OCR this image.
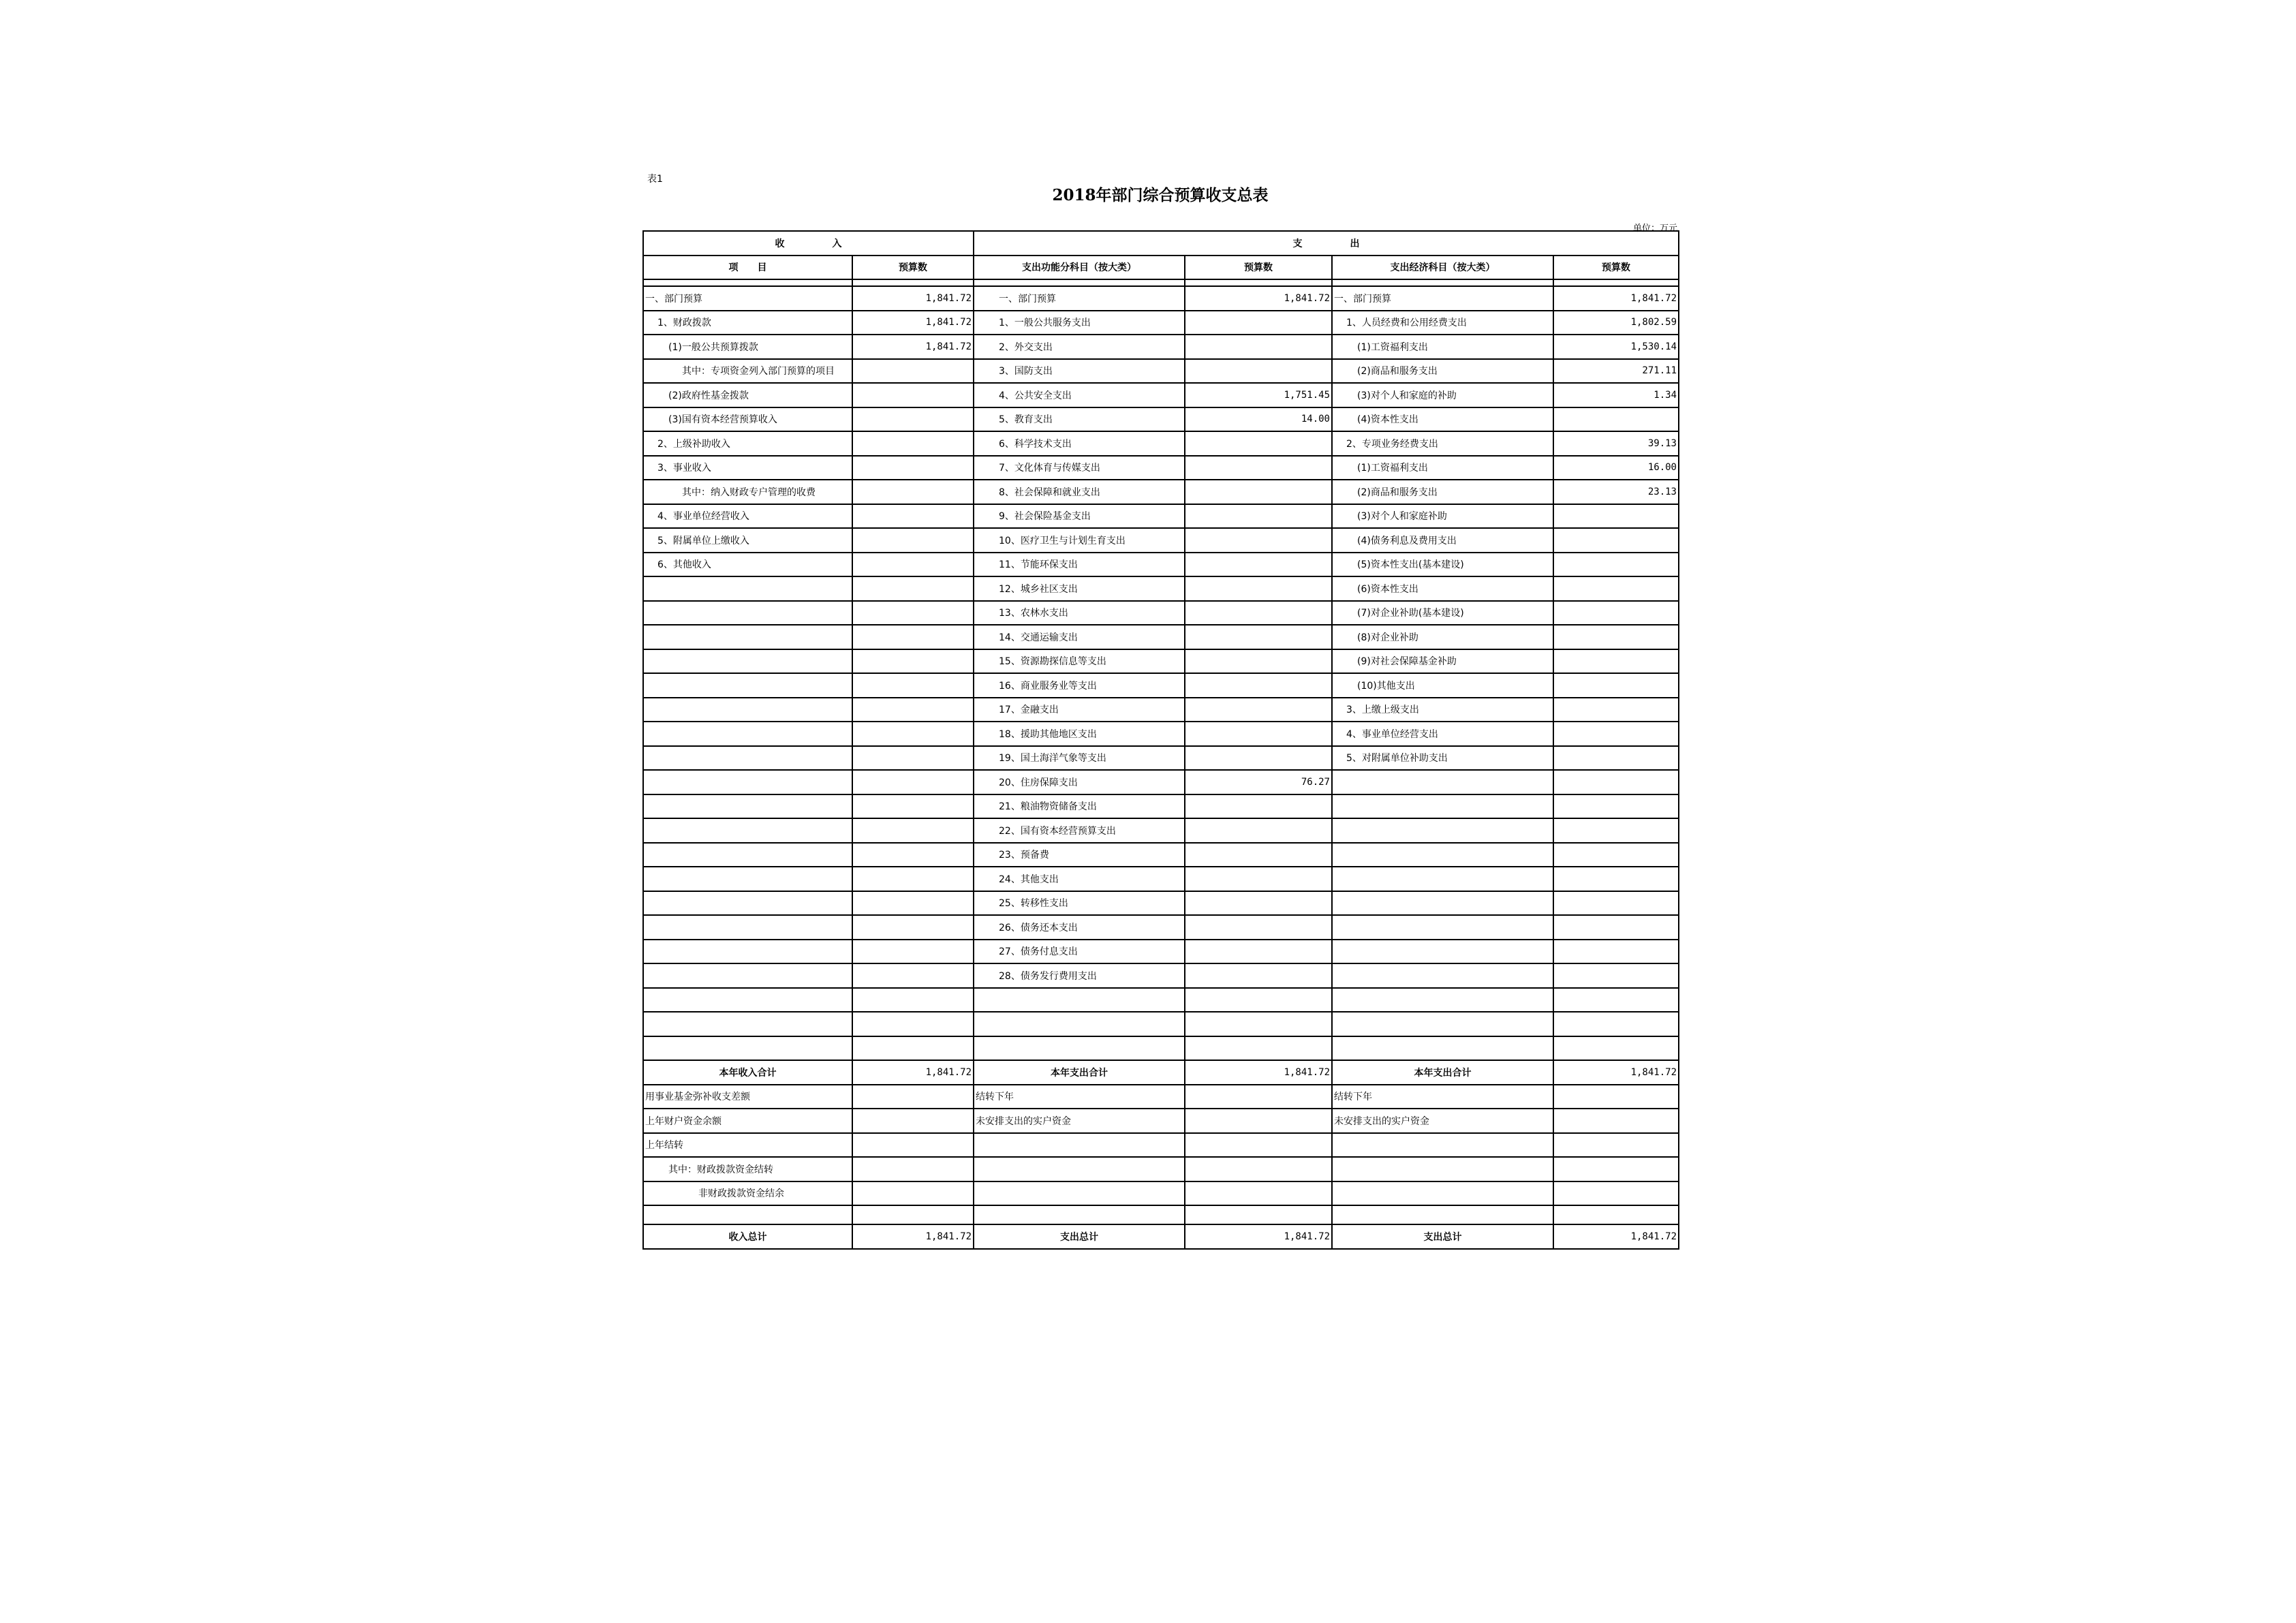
表1
2018年部门综合预算收支总表
单位：万元
收　　　　　入		支　　　　　出			
项　　目	预算数	支出功能分科目（按大类）	预算数	支出经济科目（按大类）	预算数

一、部门预算	1,841.72	一、部门预算	1,841.72	一、部门预算	1,841.72
1、财政拨款	1,841.72	1、一般公共服务支出		1、人员经费和公用经费支出	1,802.59
(1)一般公共预算拨款	1,841.72	2、外交支出		(1)工资福利支出	1,530.14
其中：专项资金列入部门预算的项目		3、国防支出		(2)商品和服务支出	271.11
(2)政府性基金拨款		4、公共安全支出	1,751.45	(3)对个人和家庭的补助	1.34
(3)国有资本经营预算收入		5、教育支出	14.00	(4)资本性支出	
2、上级补助收入		6、科学技术支出		2、专项业务经费支出	39.13
3、事业收入		7、文化体育与传媒支出		(1)工资福利支出	16.00
其中：纳入财政专户管理的收费		8、社会保障和就业支出		(2)商品和服务支出	23.13
4、事业单位经营收入		9、社会保险基金支出		(3)对个人和家庭补助	
5、附属单位上缴收入		10、医疗卫生与计划生育支出		(4)债务利息及费用支出	
6、其他收入		11、节能环保支出		(5)资本性支出(基本建设)	
		12、城乡社区支出		(6)资本性支出	
		13、农林水支出		(7)对企业补助(基本建设)	
		14、交通运输支出		(8)对企业补助	
		15、资源勘探信息等支出		(9)对社会保障基金补助	
		16、商业服务业等支出		(10)其他支出	
		17、金融支出		3、上缴上级支出	
		18、援助其他地区支出		4、事业单位经营支出	
		19、国土海洋气象等支出		5、对附属单位补助支出	
		20、住房保障支出	76.27		
		21、粮油物资储备支出			
		22、国有资本经营预算支出			
		23、预备费			
		24、其他支出			
		25、转移性支出			
		26、债务还本支出			
		27、债务付息支出			
		28、债务发行费用支出			

本年收入合计	1,841.72	本年支出合计	1,841.72	本年支出合计	1,841.72
用事业基金弥补收支差额		结转下年		结转下年	
上年财户资金余额		未安排支出的实户资金		未安排支出的实户资金	
上年结转					
其中：财政拨款资金结转					
非财政拨款资金结余					

收入总计	1,841.72	支出总计	1,841.72	支出总计	1,841.72
